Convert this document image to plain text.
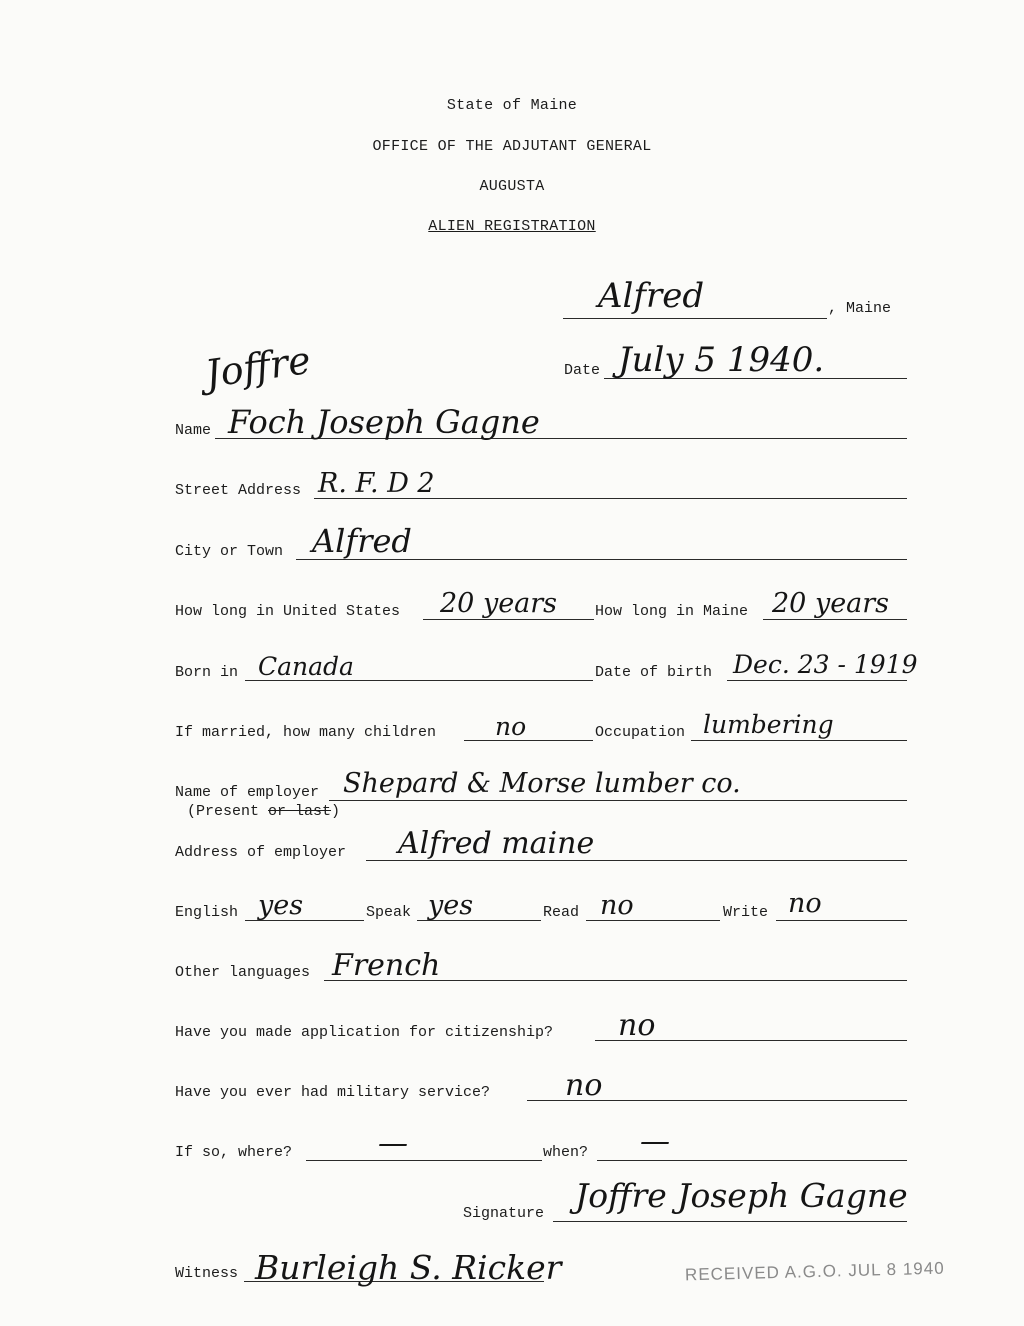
State of Maine
OFFICE OF THE ADJUTANT GENERAL
AUGUSTA
ALIEN REGISTRATION
Alfred	, Maine
Joffre	Date July 5 1940.
Name Foch Joseph Gagne
Street Address R. F. D 2
City or Town Alfred
How long in United States 20 years	How long in Maine 20 years
Born in Canada	Date of birth Dec. 23 - 1919
If married, how many children no	Occupation lumbering
Name of employer Shepard & Morse lumber co.
(Present or last)
Address of employer Alfred maine
English yes	Speak yes	Read no	Write no
Other languages French
Have you made application for citizenship? no
Have you ever had military service? no
If so, where?	—	when? —
Signature Joffre Joseph Gagne
Witness Burleigh S. Ricker	RECEIVED A.G.O. JUL 8 1940
